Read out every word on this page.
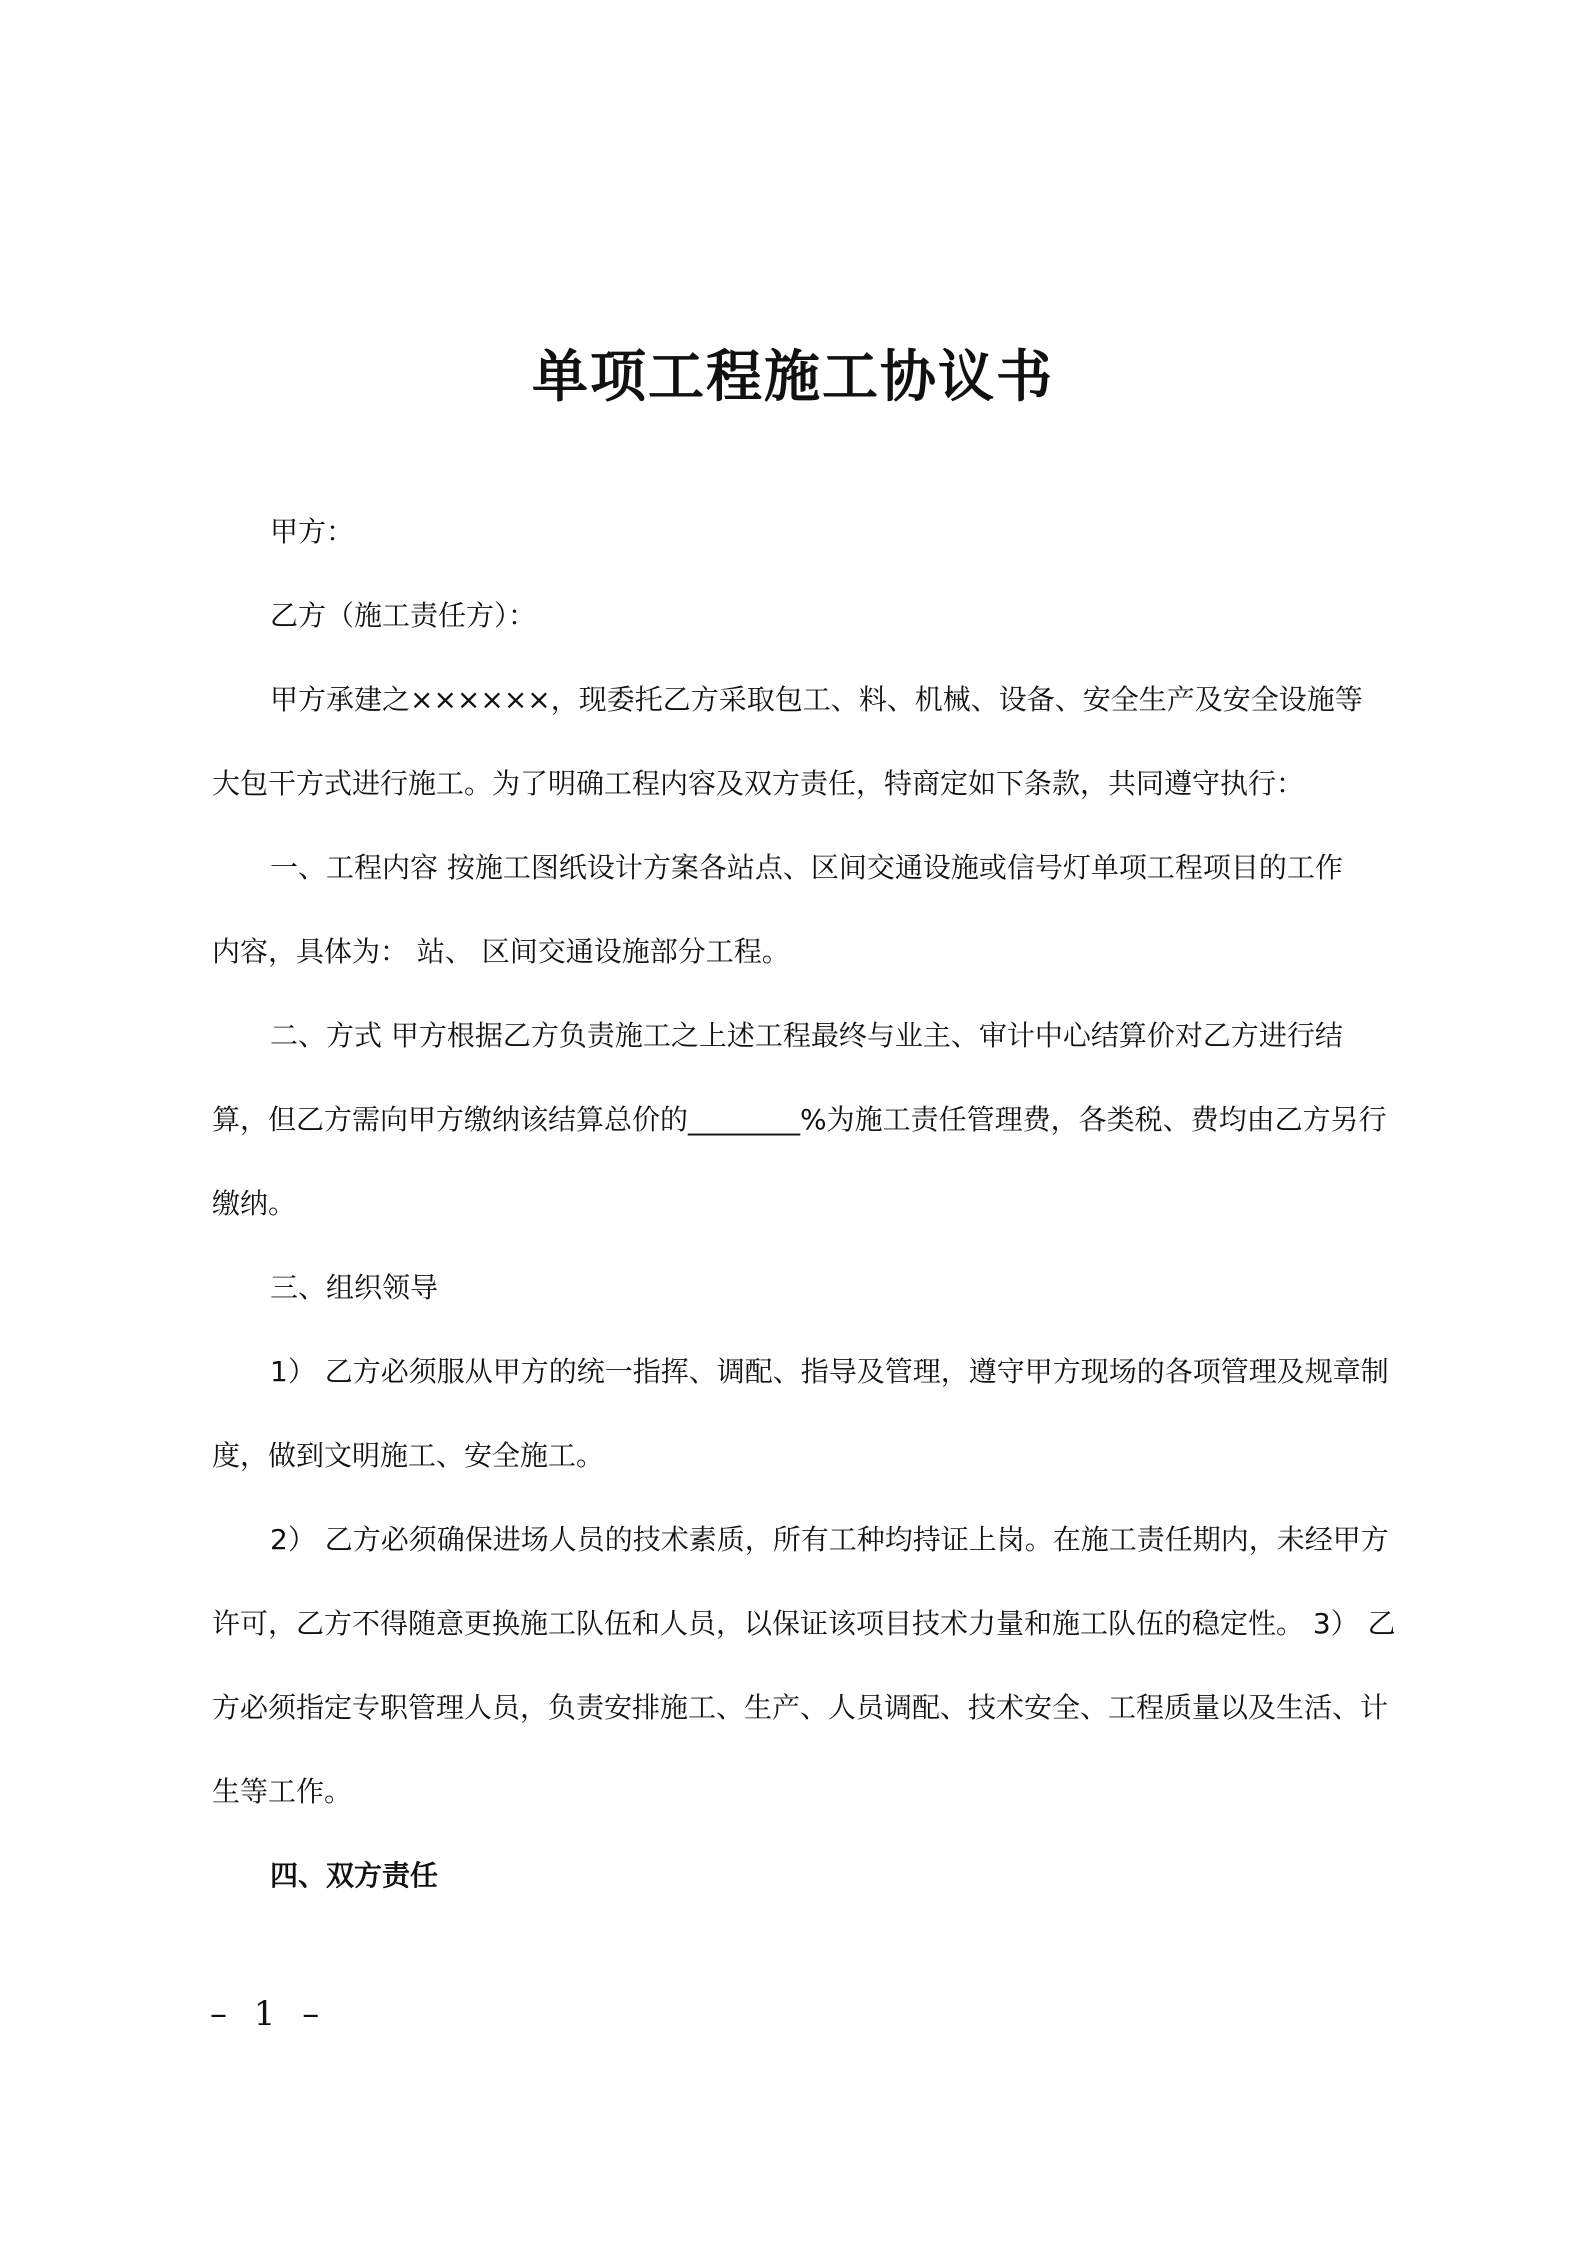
单项工程施工协议书
甲方：
乙方（施工责任方）：
甲方承建之××××××，现委托乙方采取包工、料、机械、设备、安全生产及安全设施等
大包干方式进行施工。为了明确工程内容及双方责任，特商定如下条款，共同遵守执行：
一、工程内容 按施工图纸设计方案各站点、区间交通设施或信号灯单项工程项目的工作
内容，具体为： 站、 区间交通设施部分工程。
二、方式 甲方根据乙方负责施工之上述工程最终与业主、审计中心结算价对乙方进行结
算，但乙方需向甲方缴纳该结算总价的________%为施工责任管理费，各类税、费均由乙方另行
缴纳。
三、组织领导
1） 乙方必须服从甲方的统一指挥、调配、指导及管理，遵守甲方现场的各项管理及规章制
度，做到文明施工、安全施工。
2） 乙方必须确保进场人员的技术素质，所有工种均持证上岗。在施工责任期内，未经甲方
许可，乙方不得随意更换施工队伍和人员，以保证该项目技术力量和施工队伍的稳定性。 3） 乙
方必须指定专职管理人员，负责安排施工、生产、人员调配、技术安全、工程质量以及生活、计
生等工作。
四、双方责任
– 1 –
